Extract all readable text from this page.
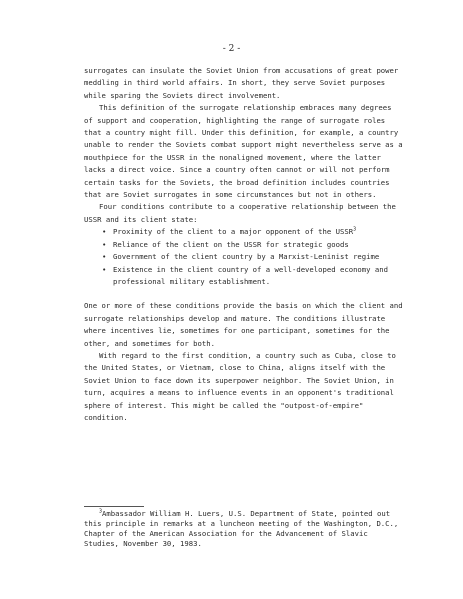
- 2 -

surrogates can insulate the Soviet Union from accusations of great power meddling in third world affairs. In short, they serve Soviet purposes while sparing the Soviets direct involvement.

This definition of the surrogate relationship embraces many degrees of support and cooperation, highlighting the range of surrogate roles that a country might fill. Under this definition, for example, a country unable to render the Soviets combat support might nevertheless serve as a mouthpiece for the USSR in the nonaligned movement, where the latter lacks a direct voice. Since a country often cannot or will not perform certain tasks for the Soviets, the broad definition includes countries that are Soviet surrogates in some circumstances but not in others.

Four conditions contribute to a cooperative relationship between the USSR and its client state:

• Proximity of the client to a major opponent of the USSR$^3$
• Reliance of the client on the USSR for strategic goods
• Government of the client country by a Marxist-Leninist regime
• Existence in the client country of a well-developed economy and professional military establishment.

One or more of these conditions provide the basis on which the client and surrogate relationships develop and mature. The conditions illustrate where incentives lie, sometimes for one participant, sometimes for the other, and sometimes for both.

With regard to the first condition, a country such as Cuba, close to the United States, or Vietnam, close to China, aligns itself with the Soviet Union to face down its superpower neighbor. The Soviet Union, in turn, acquires a means to influence events in an opponent's traditional sphere of interest. This might be called the "outpost-of-empire" condition.

$^3$Ambassador William H. Luers, U.S. Department of State, pointed out this principle in remarks at a luncheon meeting of the Washington, D.C., Chapter of the American Association for the Advancement of Slavic Studies, November 30, 1983.
